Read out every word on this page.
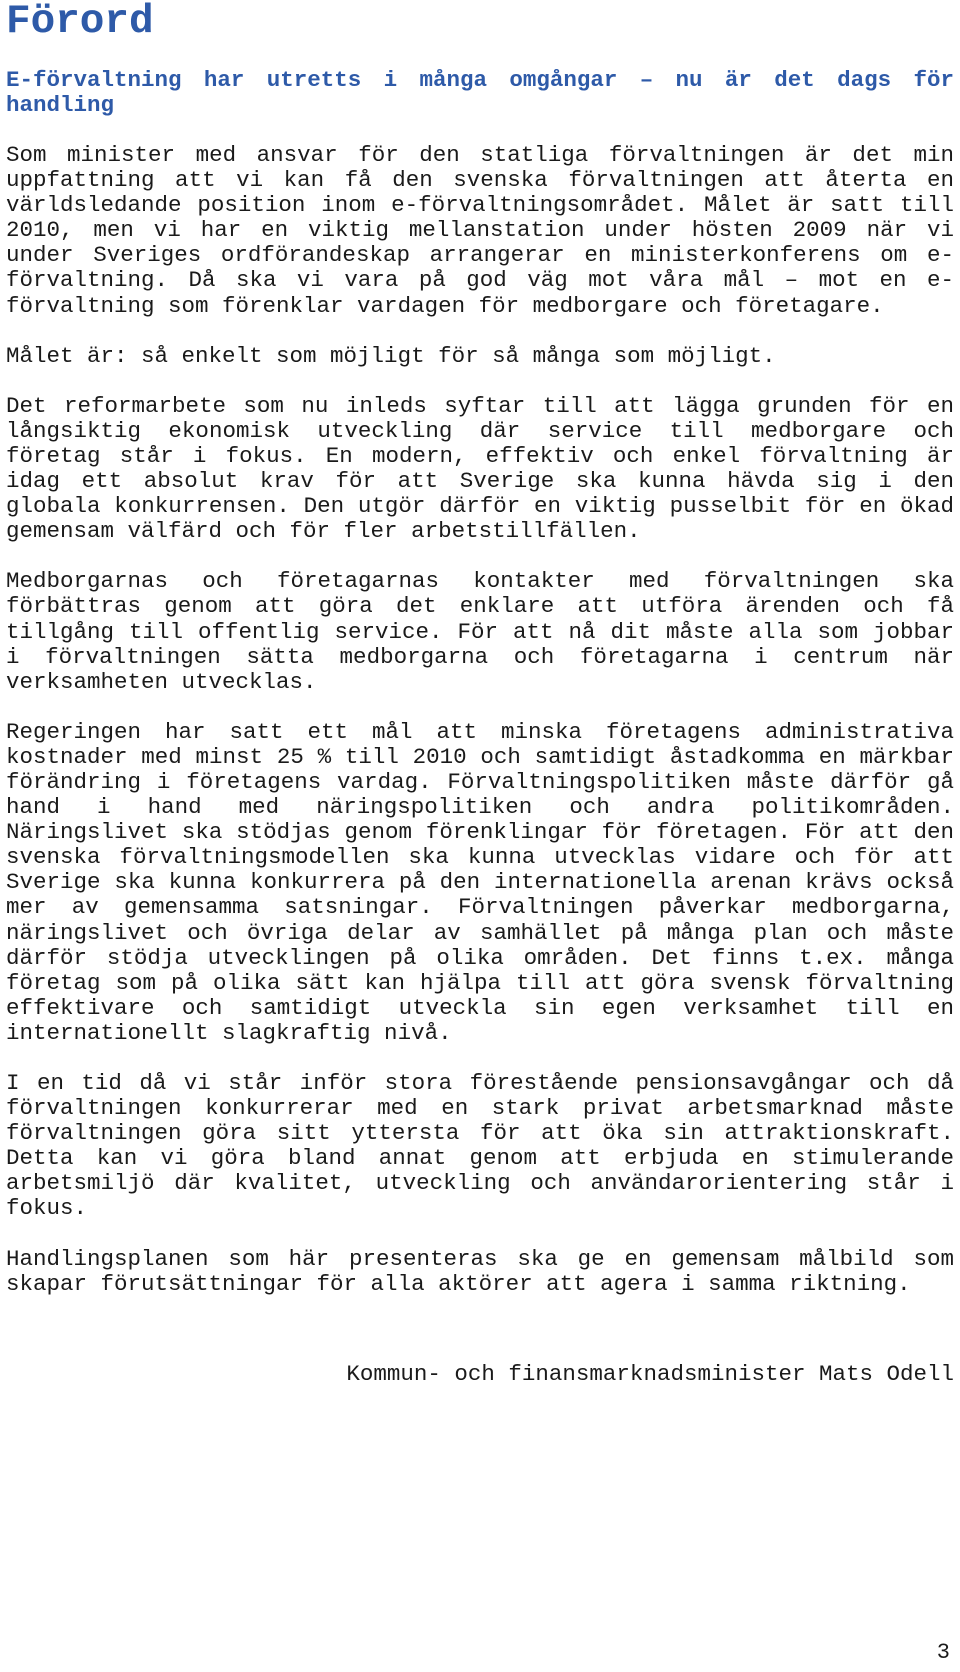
Förord
E-förvaltning har utretts i många omgångar – nu är det dags för handling

Som minister med ansvar för den statliga förvaltningen är det min uppfattning att vi kan få den svenska förvaltningen att återta en världsledande position inom e-förvaltningsområdet. Målet är satt till 2010, men vi har en viktig mellanstation under hösten 2009 när vi under Sveriges ordförandeskap arrangerar en ministerkonferens om e-förvaltning. Då ska vi vara på god väg mot våra mål – mot en e-förvaltning som förenklar vardagen för medborgare och företagare.

Målet är: så enkelt som möjligt för så många som möjligt.

Det reformarbete som nu inleds syftar till att lägga grunden för en långsiktig ekonomisk utveckling där service till medborgare och företag står i fokus. En modern, effektiv och enkel förvaltning är idag ett absolut krav för att Sverige ska kunna hävda sig i den globala konkurrensen. Den utgör därför en viktig pusselbit för en ökad gemensam välfärd och för fler arbetstillfällen.

Medborgarnas och företagarnas kontakter med förvaltningen ska förbättras genom att göra det enklare att utföra ärenden och få tillgång till offentlig service. För att nå dit måste alla som jobbar i förvaltningen sätta medborgarna och företagarna i centrum när verksamheten utvecklas.

Regeringen har satt ett mål att minska företagens administrativa kostnader med minst 25 % till 2010 och samtidigt åstadkomma en märkbar förändring i företagens vardag. Förvaltningspolitiken måste därför gå hand i hand med näringspolitiken och andra politikområden. Näringslivet ska stödjas genom förenklingar för företagen. För att den svenska förvaltningsmodellen ska kunna utvecklas vidare och för att Sverige ska kunna konkurrera på den internationella arenan krävs också mer av gemensamma satsningar. Förvaltningen påverkar medborgarna, näringslivet och övriga delar av samhället på många plan och måste därför stödja utvecklingen på olika områden. Det finns t.ex. många företag som på olika sätt kan hjälpa till att göra svensk förvaltning effektivare och samtidigt utveckla sin egen verksamhet till en internationellt slagkraftig nivå.

I en tid då vi står inför stora förestående pensionsavgångar och då förvaltningen konkurrerar med en stark privat arbetsmarknad måste förvaltningen göra sitt yttersta för att öka sin attraktionskraft. Detta kan vi göra bland annat genom att erbjuda en stimulerande arbetsmiljö där kvalitet, utveckling och användarorientering står i fokus.

Handlingsplanen som här presenteras ska ge en gemensam målbild som skapar förutsättningar för alla aktörer att agera i samma riktning.

Kommun- och finansmarknadsminister Mats Odell

3
